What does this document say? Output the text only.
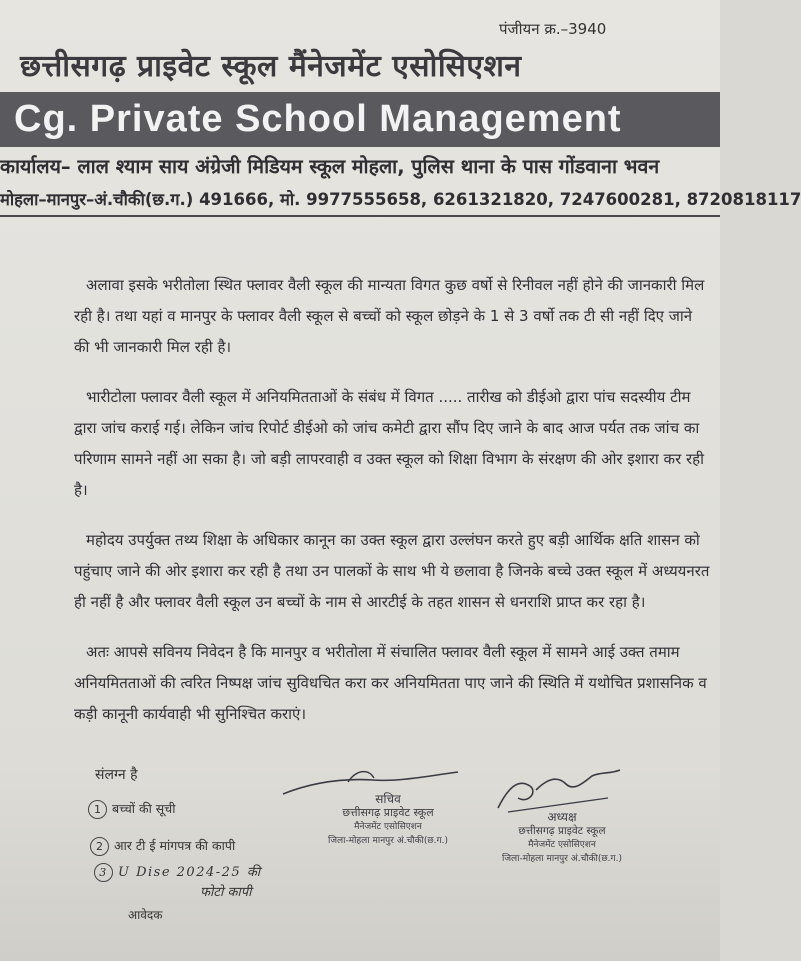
पंजीयन क्र.–3940
छत्तीसगढ़ प्राइवेट स्कूल मैंनेजमेंट एसोसिएशन
Cg. Private School Management
कार्यालय– लाल श्याम साय अंग्रेजी मिडियम स्कूल मोहला, पुलिस थाना के पास गोंडवाना भवन
मोहला–मानपुर–अं.चौकी(छ.ग.) 491666, मो. 9977555658, 6261321820, 7247600281, 8720818117

अलावा इसके भरीतोला स्थित फ्लावर वैली स्कूल की मान्यता विगत कुछ वर्षो से रिनीवल नहीं होने की जानकारी मिल रही है। तथा यहां व मानपुर के फ्लावर वैली स्कूल से बच्चों को स्कूल छोड़ने के 1 से 3 वर्षो तक टी सी नहीं दिए जाने की भी जानकारी मिल रही है।

भारीटोला फ्लावर वैली स्कूल में अनियमितताओं के संबंध में विगत ..... तारीख को डीईओ द्वारा पांच सदस्यीय टीम द्वारा जांच कराई गई। लेकिन जांच रिपोर्ट डीईओ को जांच कमेटी द्वारा सौंप दिए जाने के बाद आज पर्यत तक जांच का परिणाम सामने नहीं आ सका है। जो बड़ी लापरवाही व उक्त स्कूल को शिक्षा विभाग के संरक्षण की ओर इशारा कर रही है।

महोदय उपर्युक्त तथ्य शिक्षा के अधिकार कानून का उक्त स्कूल द्वारा उल्लंघन करते हुए बड़ी आर्थिक क्षति शासन को पहुंचाए जाने की ओर इशारा कर रही है तथा उन पालकों के साथ भी ये छलावा है जिनके बच्चे उक्त स्कूल में अध्ययनरत ही नहीं है और फ्लावर वैली स्कूल उन बच्चों के नाम से आरटीई के तहत शासन से धनराशि प्राप्त कर रहा है।

अतः आपसे सविनय निवेदन है कि मानपुर व भरीतोला में संचालित फ्लावर वैली स्कूल में सामने आई उक्त तमाम अनियमितताओं की त्वरित निष्पक्ष जांच सुविधचित करा कर अनियमितता पाए जाने की स्थिति में यथोचित प्रशासनिक व कड़ी कानूनी कार्यवाही भी सुनिश्चित कराएं।

संलग्न है
1 बच्चों की सूची
2 आर टी ई मांगपत्र की कापी
3 U Dise 2024-25 की
फोटो कापी
आवेदक
सचिव
छत्तीसगढ़ प्राइवेट स्कूल
मैनेजमेंट एसोसिएशन
जिला-मोहला मानपुर अं.चौकी(छ.ग.)
अध्यक्ष
छत्तीसगढ़ प्राइवेट स्कूल
मैनेजमेंट एसोसिएशन
जिला-मोहला मानपुर अं.चौकी(छ.ग.)
